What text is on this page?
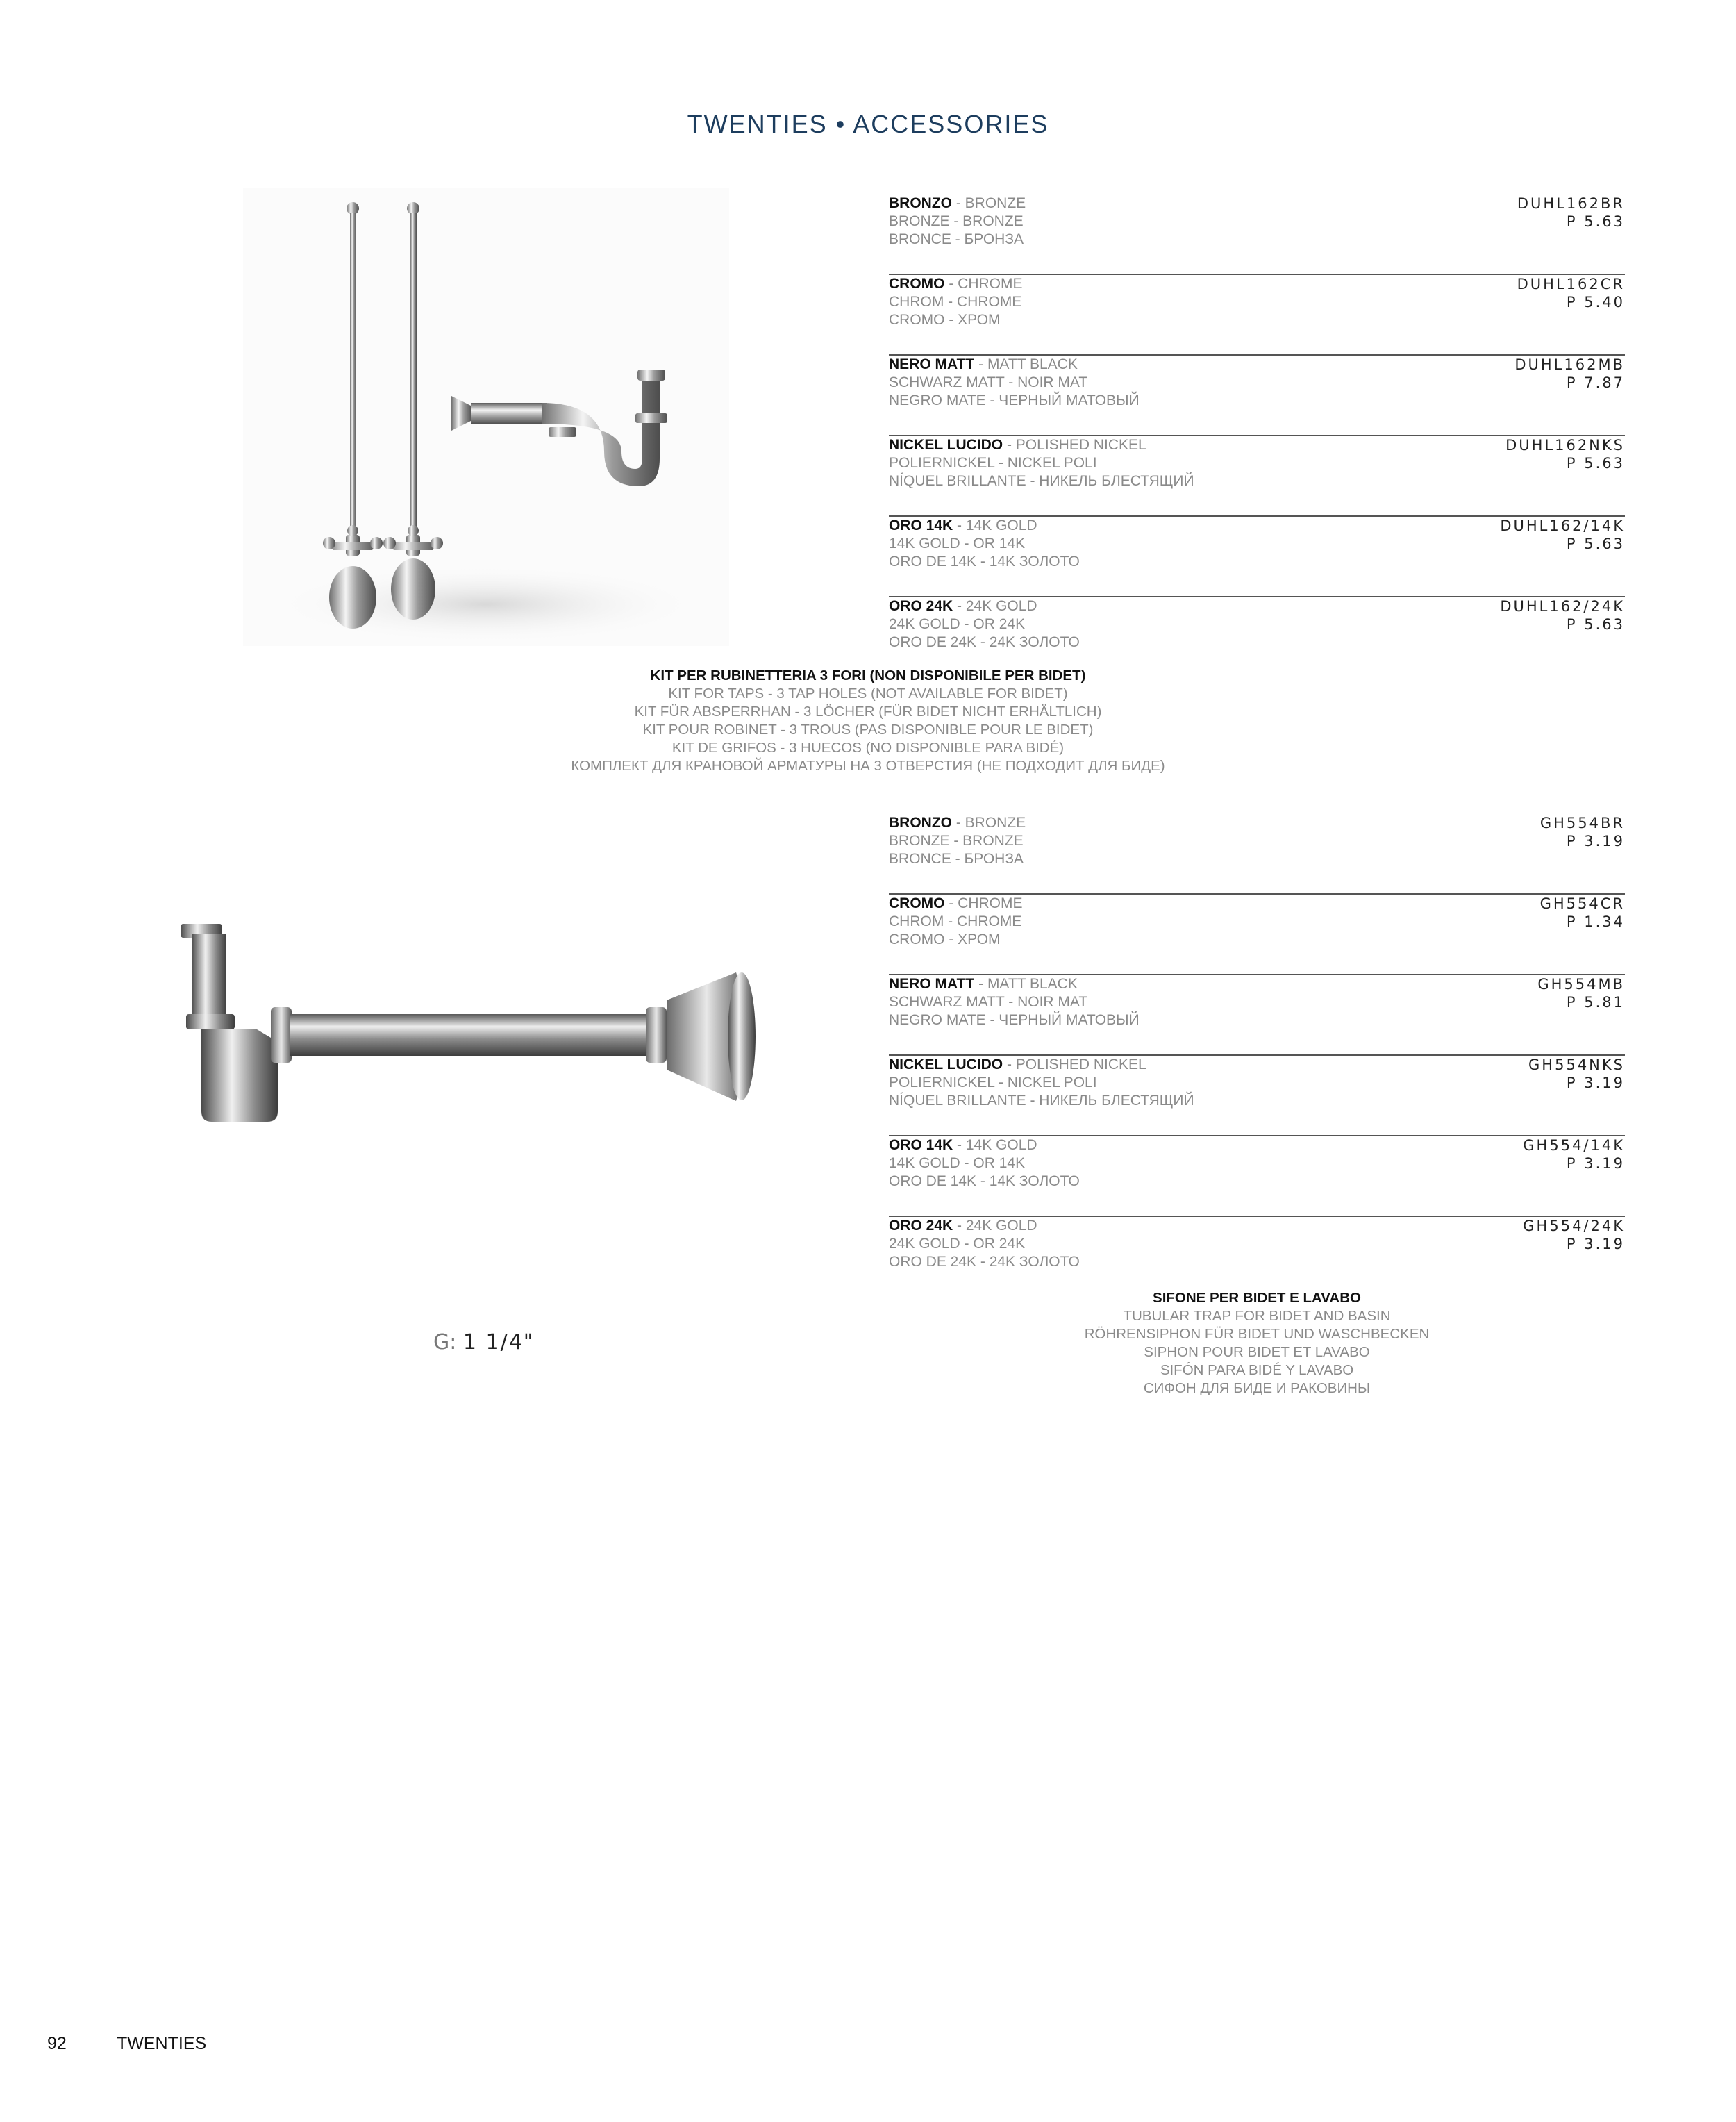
TWENTIES • ACCESSORIES
BRONZO - BRONZE
BRONZE - BRONZE
BRONCE - БРОНЗА
DUHL162BR
P 5.63
CROMO - CHROME
CHROM - CHROME
CROMO - ХРОМ
DUHL162CR
P 5.40
NERO MATT - MATT BLACK
SCHWARZ MATT - NOIR MAT
NEGRO MATE - ЧЕРНЫЙ МАТОВЫЙ
DUHL162MB
P 7.87
NICKEL LUCIDO - POLISHED NICKEL
POLIERNICKEL - NICKEL POLI
NÍQUEL BRILLANTE - НИКЕЛЬ БЛЕСТЯЩИЙ
DUHL162NKS
P 5.63
ORO 14K - 14K GOLD
14K GOLD - OR 14K
ORO DE 14K - 14K ЗОЛОТО
DUHL162/14K
P 5.63
ORO 24K - 24K GOLD
24K GOLD - OR 24K
ORO DE 24K - 24K ЗОЛОТО
DUHL162/24K
P 5.63
KIT PER RUBINETTERIA 3 FORI (NON DISPONIBILE PER BIDET)
KIT FOR TAPS - 3 TAP HOLES (NOT AVAILABLE FOR BIDET)
KIT FÜR ABSPERRHAN - 3 LÖCHER (FÜR BIDET NICHT ERHÄLTLICH)
KIT POUR ROBINET - 3 TROUS (PAS DISPONIBLE POUR LE BIDET)
KIT DE GRIFOS - 3 HUECOS (NO DISPONIBLE PARA BIDÉ)
КОМПЛЕКТ ДЛЯ КРАНОВОЙ АРМАТУРЫ НА 3 ОТВЕРСТИЯ (НЕ ПОДХОДИТ ДЛЯ БИДЕ)
BRONZO - BRONZE
BRONZE - BRONZE
BRONCE - БРОНЗА
GH554BR
P 3.19
CROMO - CHROME
CHROM - CHROME
CROMO - ХРОМ
GH554CR
P 1.34
NERO MATT - MATT BLACK
SCHWARZ MATT - NOIR MAT
NEGRO MATE - ЧЕРНЫЙ МАТОВЫЙ
GH554MB
P 5.81
NICKEL LUCIDO - POLISHED NICKEL
POLIERNICKEL - NICKEL POLI
NÍQUEL BRILLANTE - НИКЕЛЬ БЛЕСТЯЩИЙ
GH554NKS
P 3.19
ORO 14K - 14K GOLD
14K GOLD - OR 14K
ORO DE 14K - 14K ЗОЛОТО
GH554/14K
P 3.19
ORO 24K - 24K GOLD
24K GOLD - OR 24K
ORO DE 24K - 24K ЗОЛОТО
GH554/24K
P 3.19
SIFONE PER BIDET E LAVABO
TUBULAR TRAP FOR BIDET AND BASIN
RÖHRENSIPHON FÜR BIDET UND WASCHBECKEN
SIPHON POUR BIDET ET LAVABO
SIFÓN PARA BIDÉ Y LAVABO
СИФОН ДЛЯ БИДЕ И РАКОВИНЫ
G: 1 1/4"
92	TWENTIES
